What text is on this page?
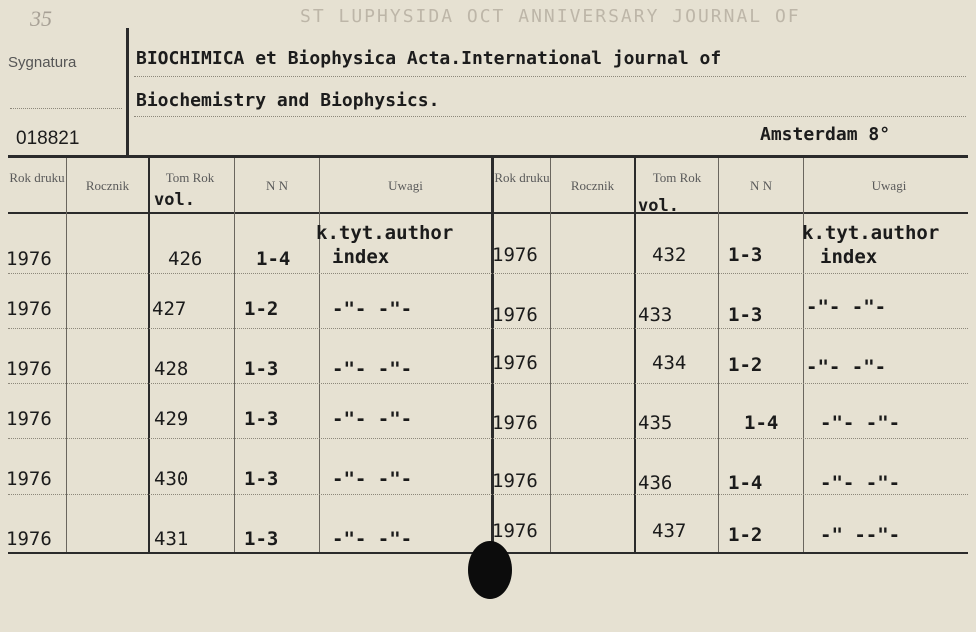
35	ST LUPHYSIDA OCT ANNIVERSARY JOURNAL OF
Sygnatura
018821
BIOCHIMICA et Biophysica Acta.International journal of
Biochemistry and Biophysics.
Amsterdam 8°
Rok druku
Rocznik
Tom Rok
vol.
N N	Uwagi
Rok druku
Rocznik
Tom Rok
vol.
N N	Uwagi
1976	426	1-4
k.tyt.author
index
1976	427	1-2	-"- -"-
1976	428	1-3	-"- -"-
1976	429	1-3	-"- -"-
1976	430	1-3	-"- -"-
1976	431	1-3	-"- -"-
1976	432 1-3
k.tyt.author
index
1976	433	1-3 -"- -"-
1976	434 1-2 -"- -"-
1976	435	1-4 -"- -"-
1976	436	1-4	-"- -"-
1976	437 1-2	-" --"-
